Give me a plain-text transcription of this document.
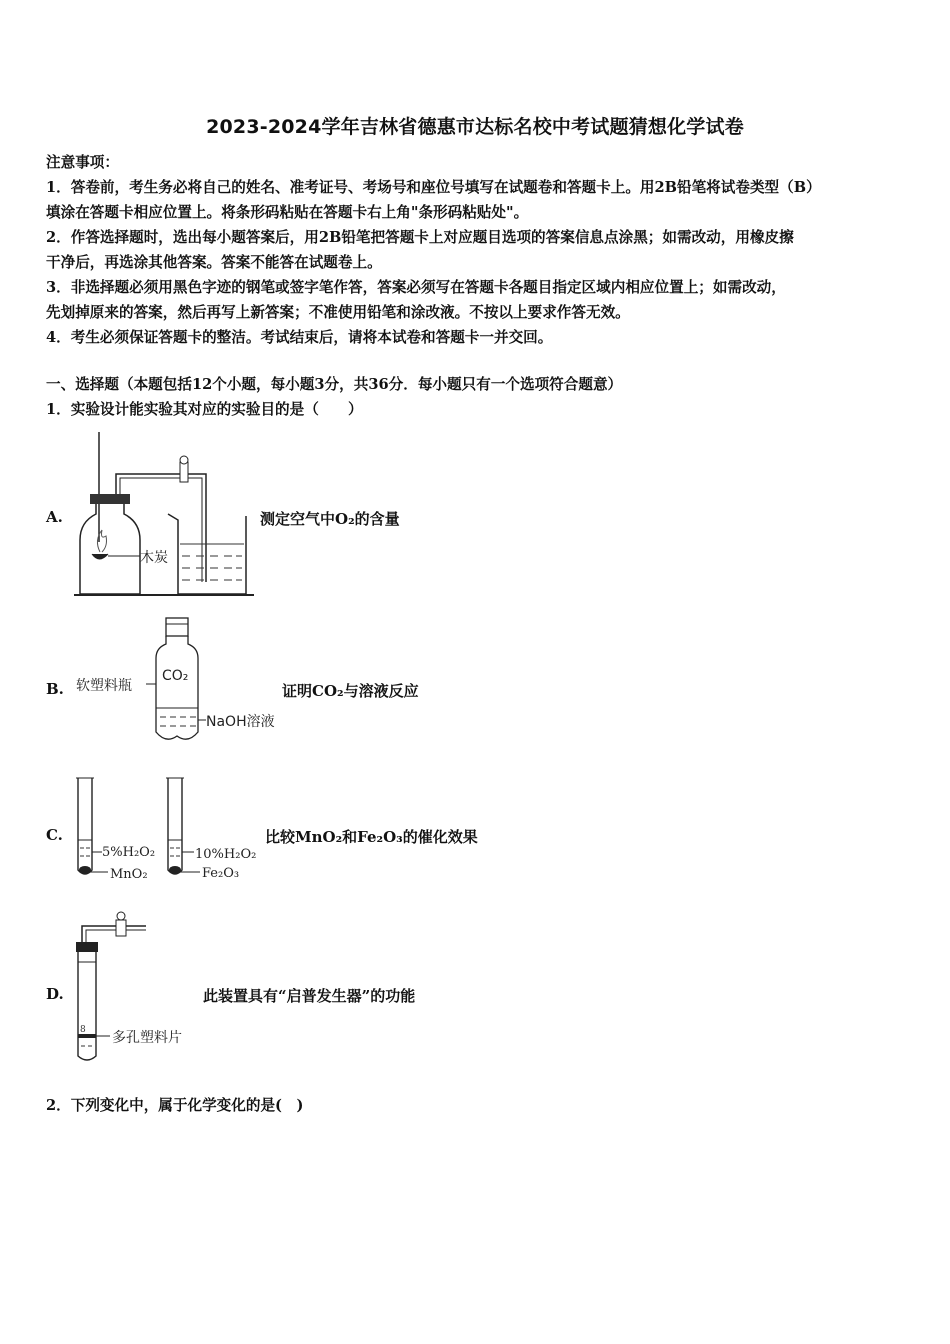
2023-2024学年吉林省德惠市达标名校中考试题猜想化学试卷
注意事项：
1．答卷前，考生务必将自己的姓名、准考证号、考场号和座位号填写在试题卷和答题卡上。用2B铅笔将试卷类型（B）
填涂在答题卡相应位置上。将条形码粘贴在答题卡右上角"条形码粘贴处"。
2．作答选择题时，选出每小题答案后，用2B铅笔把答题卡上对应题目选项的答案信息点涂黑；如需改动，用橡皮擦
干净后，再选涂其他答案。答案不能答在试题卷上。
3．非选择题必须用黑色字迹的钢笔或签字笔作答，答案必须写在答题卡各题目指定区域内相应位置上；如需改动，
先划掉原来的答案，然后再写上新答案；不准使用铅笔和涂改液。不按以上要求作答无效。
4．考生必须保证答题卡的整洁。考试结束后，请将本试卷和答题卡一并交回。
一、选择题（本题包括12个小题，每小题3分，共36分．每小题只有一个选项符合题意）
1．实验设计能实验其对应的实验目的是（　　）
A.	测定空气中O₂的含量
木炭
B.	证明CO₂与溶液反应
软塑料瓶
CO₂
NaOH溶液
C.	比较MnO₂和Fe₂O₃的催化效果
5%H₂O₂
MnO₂
10%H₂O₂
Fe₂O₃
D.	此装置具有“启普发生器”的功能
8 多孔塑料片
2．下列变化中，属于化学变化的是(　)
